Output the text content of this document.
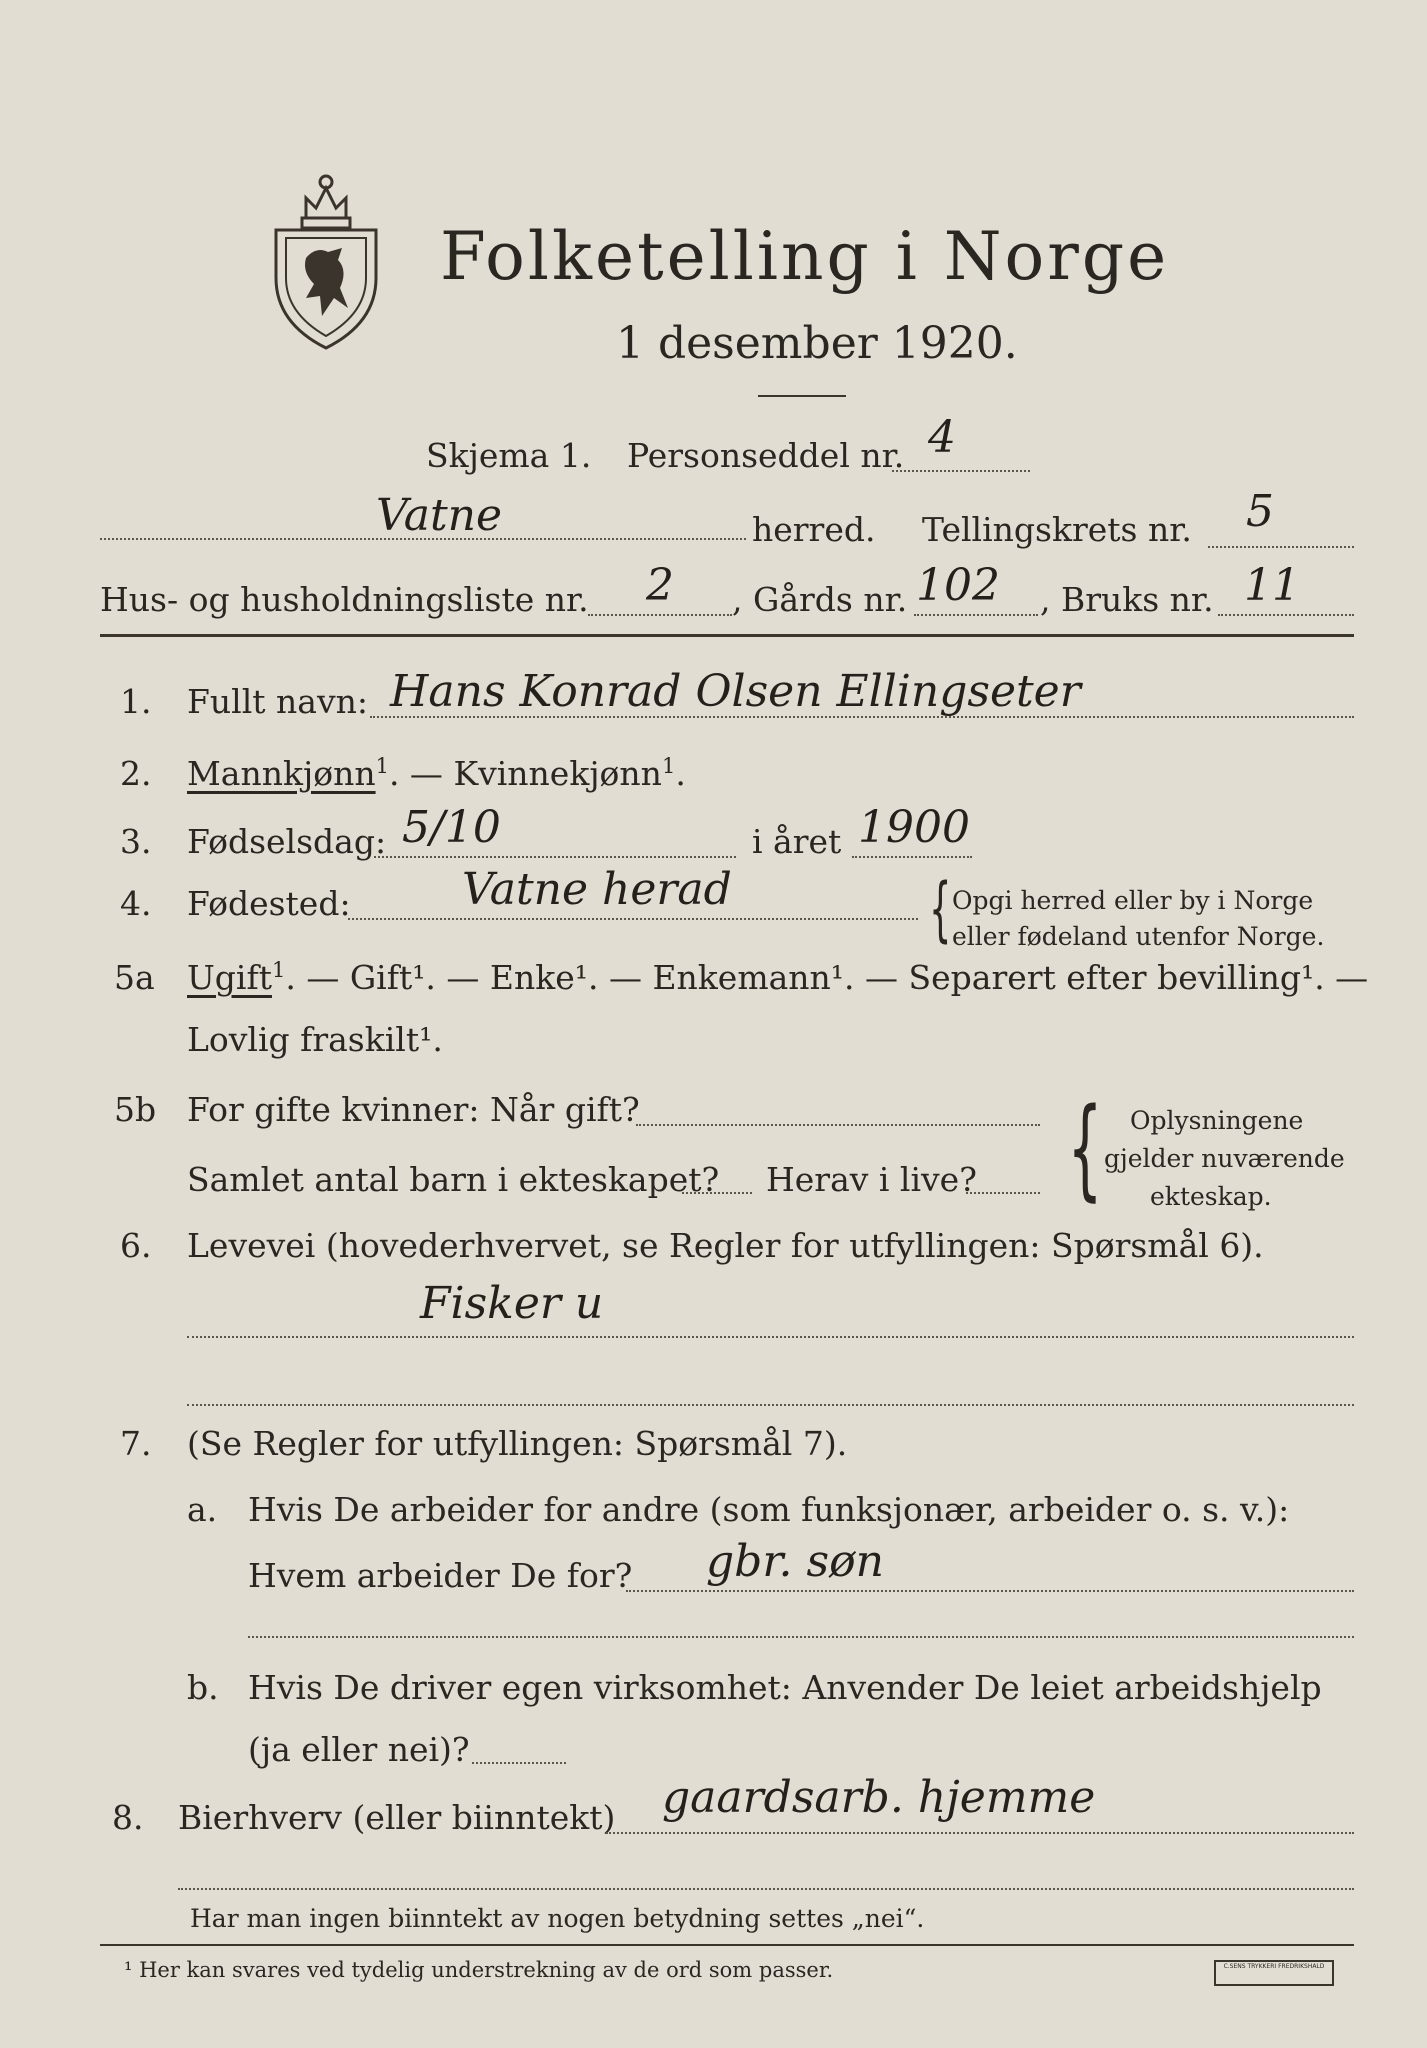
Folketelling i Norge
1 desember 1920.
Skjema 1. Personseddel nr. 4
Vatne	herred. Tellingskrets nr. 5
Hus- og husholdningsliste nr. 2 , Gårds nr. 102 , Bruks nr. 11
1. Fullt navn: Hans Konrad Olsen Ellingseter
2. Mannkjønn$^1$. — Kvinnekjønn$^1$.
3. Fødselsdag: 5/10	i året 1900
4. Fødested:	Vatne herad	{ Opgi herred eller by i Norge
eller fødeland utenfor Norge.
5a Ugift$^1$. — Gift¹. — Enke¹. — Enkemann¹. — Separert efter bevilling¹. —
Lovlig fraskilt¹.
5b For gifte kvinner: Når gift?
Samlet antal barn i ekteskapet? Herav i live? { Oplysningene
gjelder nuværende
ekteskap.
6. Levevei (hovederhvervet, se Regler for utfyllingen: Spørsmål 6).
Fisker u
7. (Se Regler for utfyllingen: Spørsmål 7).
a. Hvis De arbeider for andre (som funksjonær, arbeider o. s. v.):
Hvem arbeider De for? gbr. søn
b. Hvis De driver egen virksomhet: Anvender De leiet arbeidshjelp
(ja eller nei)?
8. Bierhverv (eller biinntekt) gaardsarb. hjemme
Har man ingen biinntekt av nogen betydning settes „nei“.
¹ Her kan svares ved tydelig understrekning av de ord som passer.	C.SENS TRYKKERI FREDRIKSHALD
